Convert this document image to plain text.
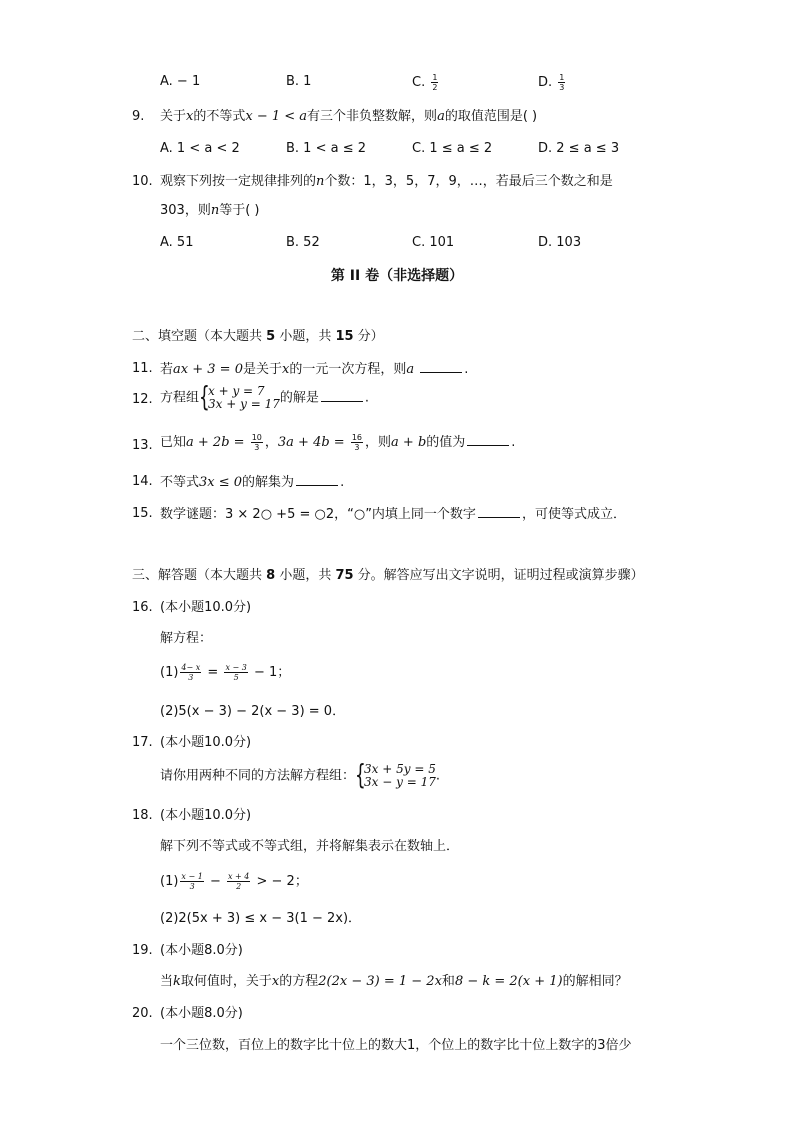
A. − 1	B. 1	C. $\frac{1}{2}$	D. $\frac{1}{3}$
9.	关于x的不等式x − 1 < a有三个非负整数解，则a的取值范围是( )
A. 1 < a < 2	B. 1 < a ≤ 2	C. 1 ≤ a ≤ 2	D. 2 ≤ a ≤ 3
10. 观察下列按一定规律排列的n个数：1，3，5，7，9，…，若最后三个数之和是
303，则n等于( )
A. 51	B. 52	C. 101	D. 103
第 II 卷（非选择题）
二、填空题（本大题共 5 小题，共 15 分）
11. 若ax + 3 = 0是关于x的一元一次方程，则a	.
12. 方程组 {
x + y = 7
3x + y = 17 的解是	.
13. 已知$a + 2b = \frac{10}{3}$ ，$3a + 4b = \frac{16}{3}$ ，则a + b的值为	.
14. 不等式3x ≤ 0的解集为	.
15. 数学谜题：3 × 2○ +5 = ○2，“○”内填上同一个数字	，可使等式成立．
三、解答题（本大题共 8 小题，共 75 分。解答应写出文字说明，证明过程或演算步骤）
16. (本小题10.0分)
解方程：
$(1) \frac{4- x}{3} = \frac{x - 3}{5} - 1$；
(2)5(x − 3) − 2(x − 3) = 0．
17. (本小题10.0分)
请你用两种不同的方法解方程组： {
3x + 5y = 5
3x − y = 17 .
18. (本小题10.0分)
解下列不等式或不等式组，并将解集表示在数轴上．
$(1) \frac{x - 1}{3} - \frac{x + 4}{2}$ > − 2；
(2)2(5x + 3) ≤ x − 3(1 − 2x)．
19. (本小题8.0分)
当k取何值时，关于x的方程2(2x − 3) = 1 − 2x和8 − k = 2(x + 1)的解相同？
20. (本小题8.0分)
一个三位数，百位上的数字比十位上的数大1，个位上的数字比十位上数字的3倍少
